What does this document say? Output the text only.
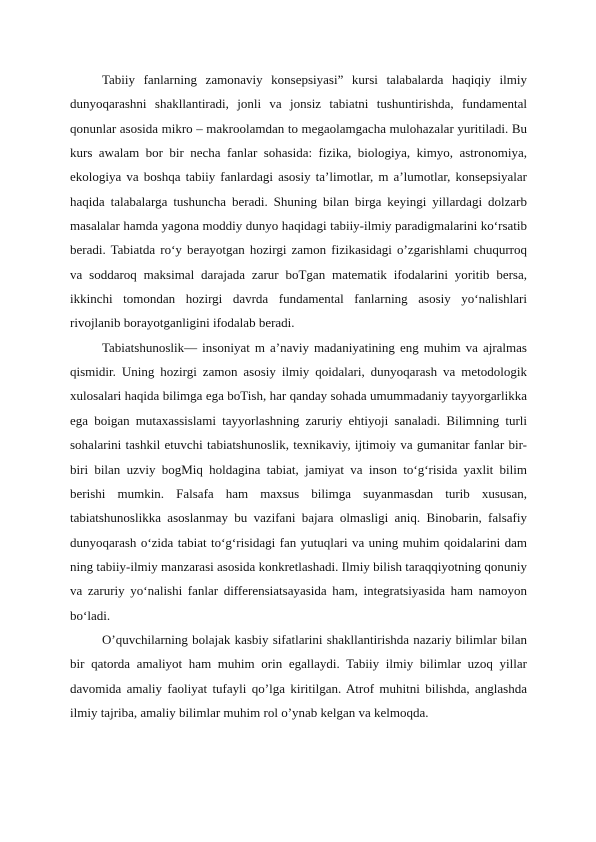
Tabiiy fanlarning zamonaviy konsepsiyasi” kursi talabalarda haqiqiy ilmiy dunyoqarashni shakllantiradi, jonli va jonsiz tabiatni tushuntirishda, fundamental qonunlar asosida mikro – makroolamdan to megaolamgacha mulohazalar yuritiladi. Bu kurs awalam bor bir necha fanlar sohasida: fizika, biologiya, kimyo, astronomiya, ekologiya va boshqa tabiiy fanlardagi asosiy ta’limotlar, m a’lumotlar, konsepsiyalar haqida talabalarga tushuncha beradi. Shuning bilan birga keyingi yillardagi dolzarb masalalar hamda yagona moddiy dunyo haqidagi tabiiy-ilmiy paradigmalarini ko‘rsatib beradi. Tabiatda ro‘y berayotgan hozirgi zamon fizikasidagi o’zgarishlami chuqurroq va soddaroq maksimal darajada zarur boTgan matematik ifodalarini yoritib bersa, ikkinchi tomondan hozirgi davrda fundamental fanlarning asosiy yo‘nalishlari rivojlanib borayotganligini ifodalab beradi.

Tabiatshunoslik— insoniyat m a’naviy madaniyatining eng muhim va ajralmas qismidir. Uning hozirgi zamon asosiy ilmiy qoidalari, dunyoqarash va metodologik xulosalari haqida bilimga ega boTish, har qanday sohada umummadaniy tayyorgarlikka ega boigan mutaxassislami tayyorlashning zaruriy ehtiyoji sanaladi. Bilimning turli sohalarini tashkil etuvchi tabiatshunoslik, texnikaviy, ijtimoiy va gumanitar fanlar bir-biri bilan uzviy bogMiq holdagina tabiat, jamiyat va inson to‘g‘risida yaxlit bilim berishi mumkin. Falsafa ham maxsus bilimga suyanmasdan turib xususan, tabiatshunoslikka asoslanmay bu vazifani bajara olmasligi aniq. Binobarin, falsafiy dunyoqarash o‘zida tabiat to‘g‘risidagi fan yutuqlari va uning muhim qoidalarini dam ning tabiiy-ilmiy manzarasi asosida konkretlashadi. Ilmiy bilish taraqqiyotning qonuniy va zaruriy yo‘nalishi fanlar differensiatsayasida ham, integratsiyasida ham namoyon bo‘ladi.

O’quvchilarning bolajak kasbiy sifatlarini shakllantirishda nazariy bilimlar bilan bir qatorda amaliyot ham muhim orin egallaydi. Tabiiy ilmiy bilimlar uzoq yillar davomida amaliy faoliyat tufayli qo’lga kiritilgan. Atrof muhitni bilishda, anglashda ilmiy tajriba, amaliy bilimlar muhim rol o’ynab kelgan va kelmoqda.
